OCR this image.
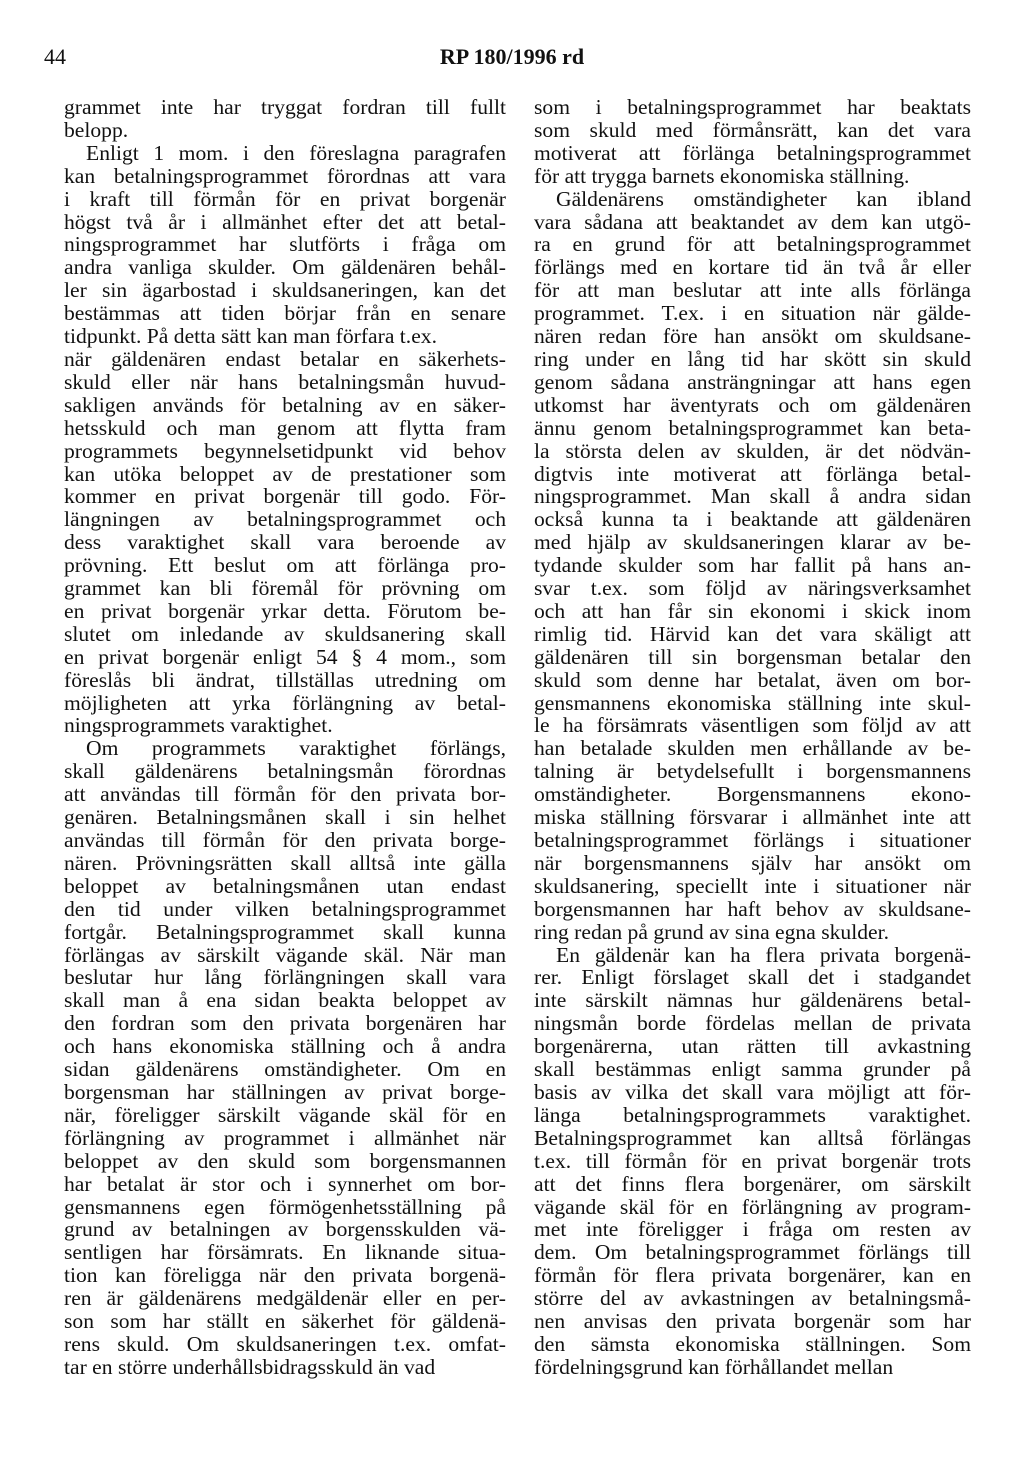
44	RP 180/1996 rd
grammet inte har tryggat fordran till fullt
belopp.
Enligt 1 mom. i den föreslagna paragrafen
kan betalningsprogrammet förordnas att vara
i kraft till förmån för en privat borgenär
högst två år i allmänhet efter det att betal-
ningsprogrammet har slutförts i fråga om
andra vanliga skulder. Om gäldenären behål-
ler sin ägarbostad i skuldsaneringen, kan det
bestämmas att tiden börjar från en senare
tidpunkt. På detta sätt kan man förfara t.ex.
när gäldenären endast betalar en säkerhets-
skuld eller när hans betalningsmån huvud-
sakligen används för betalning av en säker-
hetsskuld och man genom att flytta fram
programmets begynnelsetidpunkt vid behov
kan utöka beloppet av de prestationer som
kommer en privat borgenär till godo. För-
längningen av betalningsprogrammet och
dess varaktighet skall vara beroende av
prövning. Ett beslut om att förlänga pro-
grammet kan bli föremål för prövning om
en privat borgenär yrkar detta. Förutom be-
slutet om inledande av skuldsanering skall
en privat borgenär enligt 54 § 4 mom., som
föreslås bli ändrat, tillställas utredning om
möjligheten att yrka förlängning av betal-
ningsprogrammets varaktighet.
Om programmets varaktighet förlängs,
skall gäldenärens betalningsmån förordnas
att användas till förmån för den privata bor-
genären. Betalningsmånen skall i sin helhet
användas till förmån för den privata borge-
nären. Prövningsrätten skall alltså inte gälla
beloppet av betalningsmånen utan endast
den tid under vilken betalningsprogrammet
fortgår. Betalningsprogrammet skall kunna
förlängas av särskilt vägande skäl. När man
beslutar hur lång förlängningen skall vara
skall man å ena sidan beakta beloppet av
den fordran som den privata borgenären har
och hans ekonomiska ställning och å andra
sidan gäldenärens omständigheter. Om en
borgensman har ställningen av privat borge-
när, föreligger särskilt vägande skäl för en
förlängning av programmet i allmänhet när
beloppet av den skuld som borgensmannen
har betalat är stor och i synnerhet om bor-
gensmannens egen förmögenhetsställning på
grund av betalningen av borgensskulden vä-
sentligen har försämrats. En liknande situa-
tion kan föreligga när den privata borgenä-
ren är gäldenärens medgäldenär eller en per-
son som har ställt en säkerhet för gäldenä-
rens skuld. Om skuldsaneringen t.ex. omfat-
tar en större underhållsbidragsskuld än vad
som i betalningsprogrammet har beaktats
som skuld med förmånsrätt, kan det vara
motiverat att förlänga betalningsprogrammet
för att trygga barnets ekonomiska ställning.
Gäldenärens omständigheter kan ibland
vara sådana att beaktandet av dem kan utgö-
ra en grund för att betalningsprogrammet
förlängs med en kortare tid än två år eller
för att man beslutar att inte alls förlänga
programmet. T.ex. i en situation när gälde-
nären redan före han ansökt om skuldsane-
ring under en lång tid har skött sin skuld
genom sådana ansträngningar att hans egen
utkomst har äventyrats och om gäldenären
ännu genom betalningsprogrammet kan beta-
la största delen av skulden, är det nödvän-
digtvis inte motiverat att förlänga betal-
ningsprogrammet. Man skall å andra sidan
också kunna ta i beaktande att gäldenären
med hjälp av skuldsaneringen klarar av be-
tydande skulder som har fallit på hans an-
svar t.ex. som följd av näringsverksamhet
och att han får sin ekonomi i skick inom
rimlig tid. Härvid kan det vara skäligt att
gäldenären till sin borgensman betalar den
skuld som denne har betalat, även om bor-
gensmannens ekonomiska ställning inte skul-
le ha försämrats väsentligen som följd av att
han betalade skulden men erhållande av be-
talning är betydelsefullt i borgensmannens
omständigheter. Borgensmannens ekono-
miska ställning försvarar i allmänhet inte att
betalningsprogrammet förlängs i situationer
när borgensmannens själv har ansökt om
skuldsanering, speciellt inte i situationer när
borgensmannen har haft behov av skuldsane-
ring redan på grund av sina egna skulder.
En gäldenär kan ha flera privata borgenä-
rer. Enligt förslaget skall det i stadgandet
inte särskilt nämnas hur gäldenärens betal-
ningsmån borde fördelas mellan de privata
borgenärerna, utan rätten till avkastning
skall bestämmas enligt samma grunder på
basis av vilka det skall vara möjligt att för-
länga betalningsprogrammets varaktighet.
Betalningsprogrammet kan alltså förlängas
t.ex. till förmån för en privat borgenär trots
att det finns flera borgenärer, om särskilt
vägande skäl för en förlängning av program-
met inte föreligger i fråga om resten av
dem. Om betalningsprogrammet förlängs till
förmån för flera privata borgenärer, kan en
större del av avkastningen av betalningsmå-
nen anvisas den privata borgenär som har
den sämsta ekonomiska ställningen. Som
fördelningsgrund kan förhållandet mellan
